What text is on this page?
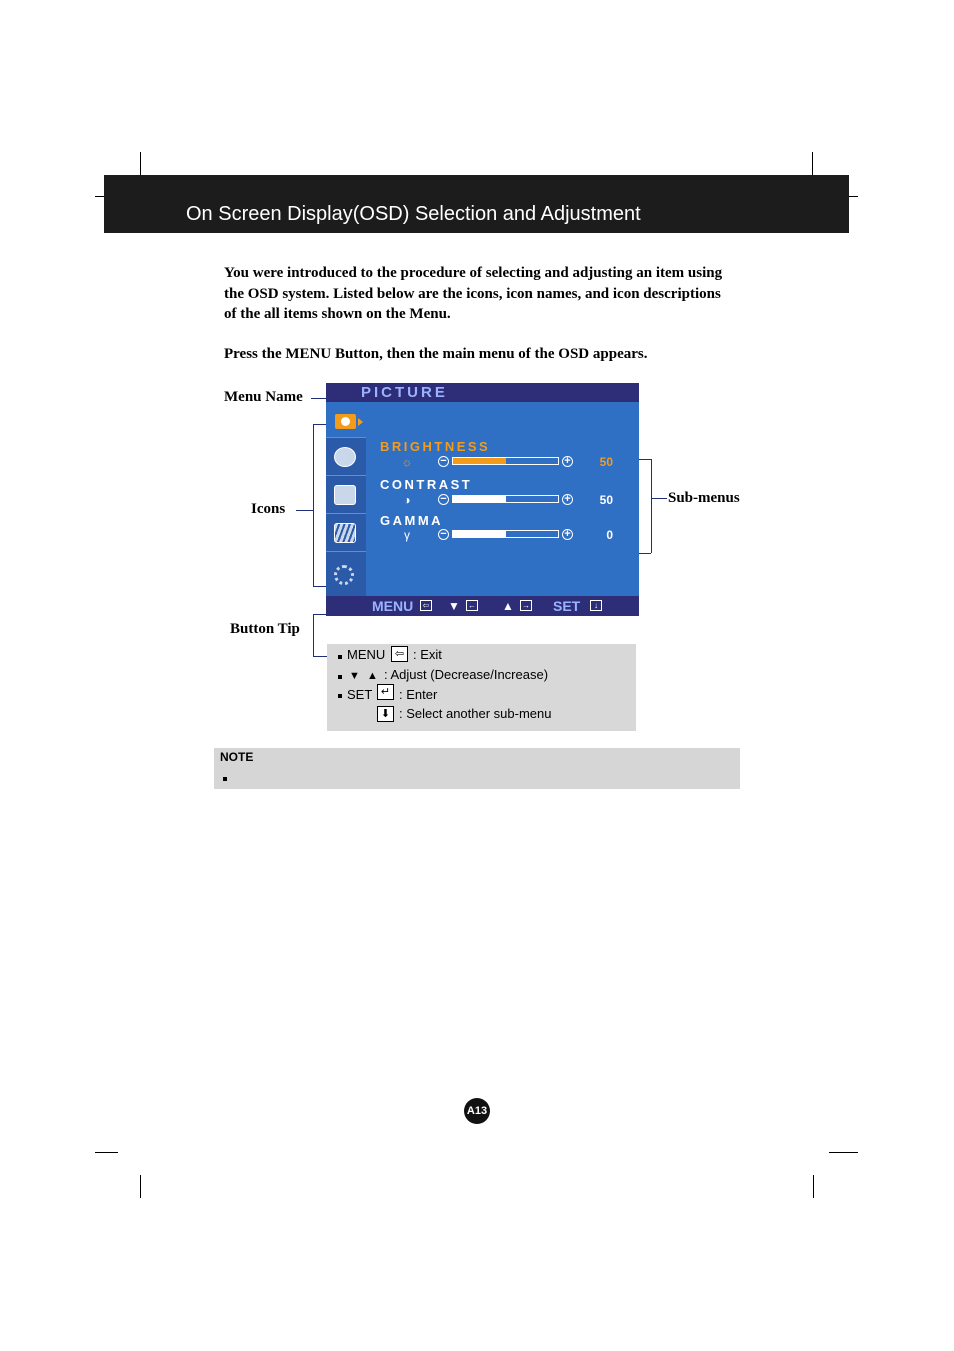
On Screen Display(OSD) Selection and Adjustment
You were introduced to the procedure of selecting and adjusting an item using the OSD system. Listed below are the icons, icon names, and icon descriptions of the all items shown on the Menu.
Press the MENU Button, then the main menu of the OSD appears.
Menu Name
Icons
Sub-menus
Button Tip
PICTURE
BRIGHTNESS
☼	−	+	50
CONTRAST
◑	−	+	50
GAMMA
γ	−	+	0
MENU	⇦ ▼ ← ▲ → SET	↓
MENU ⇦ : Exit
▼ ▲ : Adjust (Decrease/Increase)
SET ↵ : Enter
⬇ : Select another sub-menu
NOTE
A13
